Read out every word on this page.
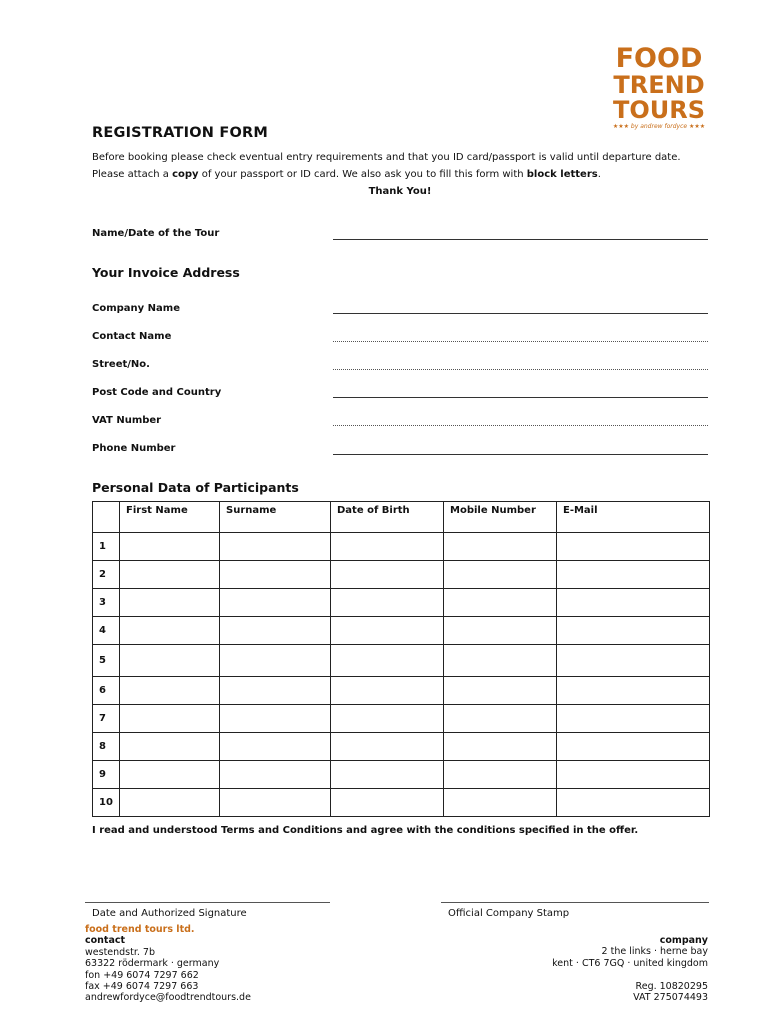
FOOD
TREND
TOURS
★★★ by andrew fordyce ★★★
REGISTRATION FORM
Before booking please check eventual entry requirements and that you ID card/passport is valid until departure date.
Please attach a copy of your passport or ID card. We also ask you to fill this form with block letters.
Thank You!
Name/Date of the Tour
Your Invoice Address
Company Name
Contact Name
Street/No.
Post Code and Country
VAT Number
Phone Number
Personal Data of Participants
	First Name	Surname	Date of Birth	Mobile Number	E-Mail
1					
2					
3					
4					
5					
6					
7					
8					
9					
10					
I read and understood Terms and Conditions and agree with the conditions specified in the offer.
Date and Authorized Signature	Official Company Stamp
food trend tours ltd.
contact
westendstr. 7b
63322 rödermark · germany
fon +49 6074 7297 662
fax +49 6074 7297 663
andrewfordyce@foodtrendtours.de
company
2 the links · herne bay
kent · CT6 7GQ · united kingdom
Reg. 10820295
VAT 275074493
